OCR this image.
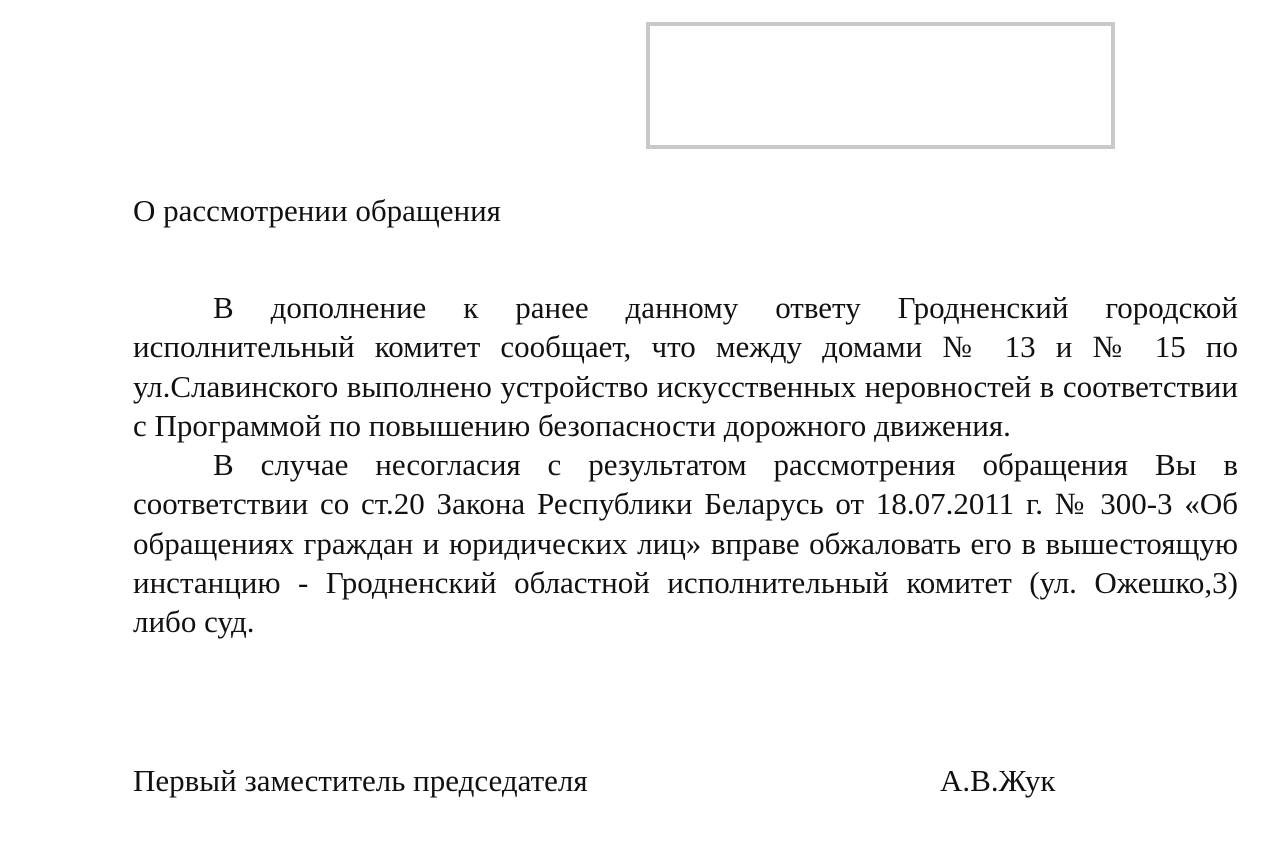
О рассмотрении обращения

В дополнение к ранее данному ответу Гродненский городской исполнительный комитет сообщает, что между домами № 13 и № 15 по ул.Славинского выполнено устройство искусственных неровностей в соответствии с Программой по повышению безопасности дорожного движения.

В случае несогласия с результатом рассмотрения обращения Вы в соответствии со ст.20 Закона Республики Беларусь от 18.07.2011 г. № 300-3 «Об обращениях граждан и юридических лиц» вправе обжаловать его в вышестоящую инстанцию - Гродненский областной исполнительный комитет (ул. Ожешко,3) либо суд.

Первый заместитель председателя	А.В.Жук
